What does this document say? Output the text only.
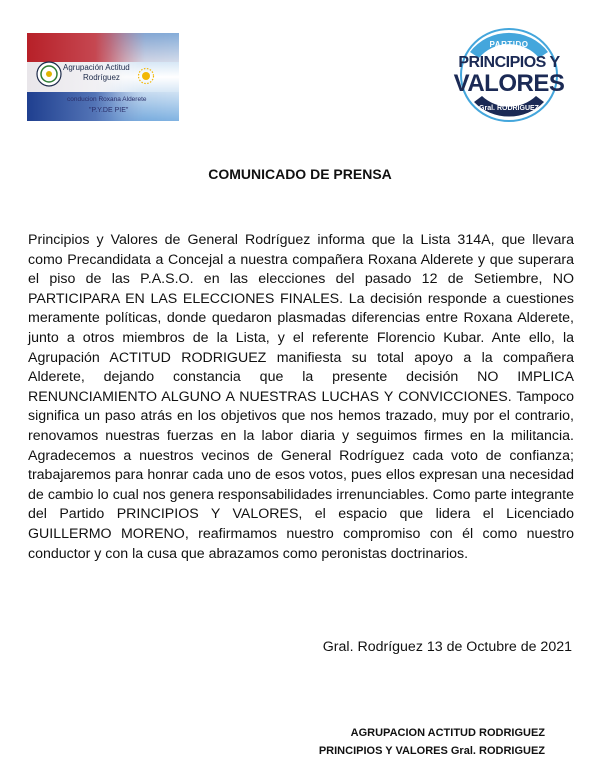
Agrupación Actitud
Rodríguez
conducion Roxana Alderete
"P.Y.DE PIE"
PARTIDO
PRINCIPIOS Y
VALORES
Gral. RODRIGUEZ
COMUNICADO DE PRENSA

Principios y Valores de General Rodríguez informa que la Lista 314A, que llevara como Precandidata a Concejal a nuestra compañera Roxana Alderete y que superara el piso de las P.A.S.O. en las elecciones del pasado 12 de Setiembre, NO PARTICIPARA EN LAS ELECCIONES FINALES. La decisión responde a cuestiones meramente políticas, donde quedaron plasmadas diferencias entre Roxana Alderete, junto a otros miembros de la Lista, y el referente Florencio Kubar. Ante ello, la Agrupación ACTITUD RODRIGUEZ manifiesta su total apoyo a la compañera Alderete, dejando constancia que la presente decisión NO IMPLICA RENUNCIAMIENTO ALGUNO A NUESTRAS LUCHAS Y CONVICCIONES. Tampoco significa un paso atrás en los objetivos que nos hemos trazado, muy por el contrario, renovamos nuestras fuerzas en la labor diaria y seguimos firmes en la militancia. Agradecemos a nuestros vecinos de General Rodríguez cada voto de confianza; trabajaremos para honrar cada uno de esos votos, pues ellos expresan una necesidad de cambio lo cual nos genera responsabilidades irrenunciables. Como parte integrante del Partido PRINCIPIOS Y VALORES, el espacio que lidera el Licenciado GUILLERMO MORENO, reafirmamos nuestro compromiso con él como nuestro conductor y con la cusa que abrazamos como peronistas doctrinarios.

Gral. Rodríguez 13 de Octubre de 2021
AGRUPACION ACTITUD RODRIGUEZ
PRINCIPIOS Y VALORES Gral. RODRIGUEZ
